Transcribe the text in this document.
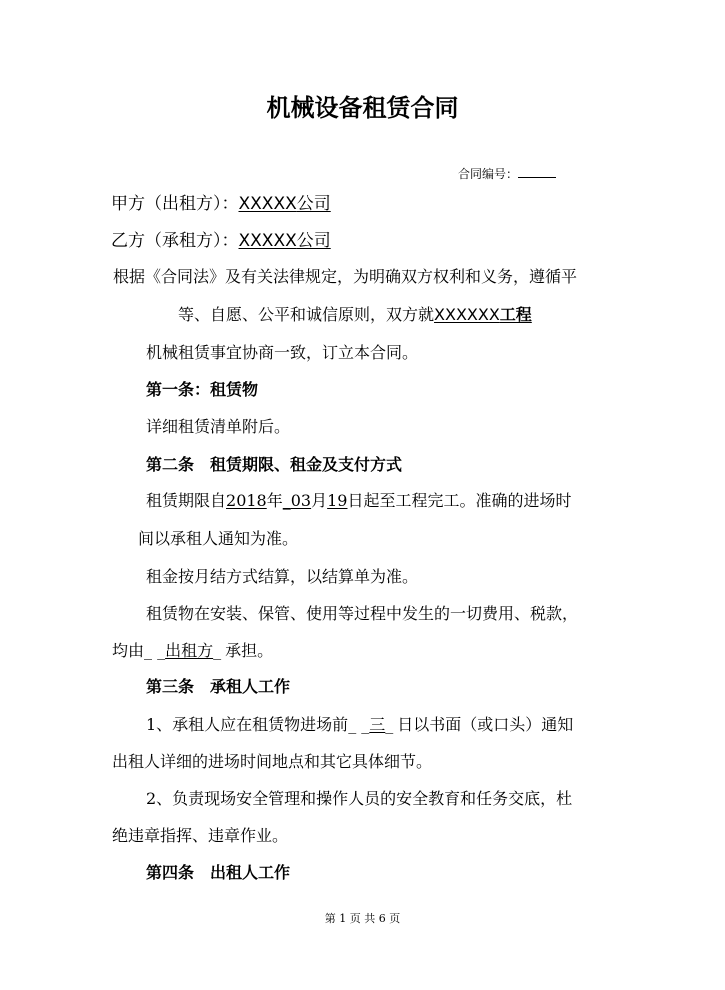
机械设备租赁合同
合同编号：
甲方（出租方）：XXXXX公司
乙方（承租方）：XXXXX公司
根据《合同法》及有关法律规定，为明确双方权利和义务，遵循平
等、自愿、公平和诚信原则，双方就XXXXXX工程
机械租赁事宜协商一致，订立本合同。
第一条：租赁物
详细租赁清单附后。
第二条　租赁期限、租金及支付方式
租赁期限自2018年_03月19日起至工程完工。准确的进场时
间以承租人通知为准。
租金按月结方式结算，以结算单为准。
租赁物在安装、保管、使用等过程中发生的一切费用、税款，
均由_ _出租方_ 承担。
第三条　承租人工作
1、承租人应在租赁物进场前_ _三_ 日以书面（或口头）通知
出租人详细的进场时间地点和其它具体细节。
2、负责现场安全管理和操作人员的安全教育和任务交底，杜
绝违章指挥、违章作业。
第四条　出租人工作
第 1 页 共 6 页
